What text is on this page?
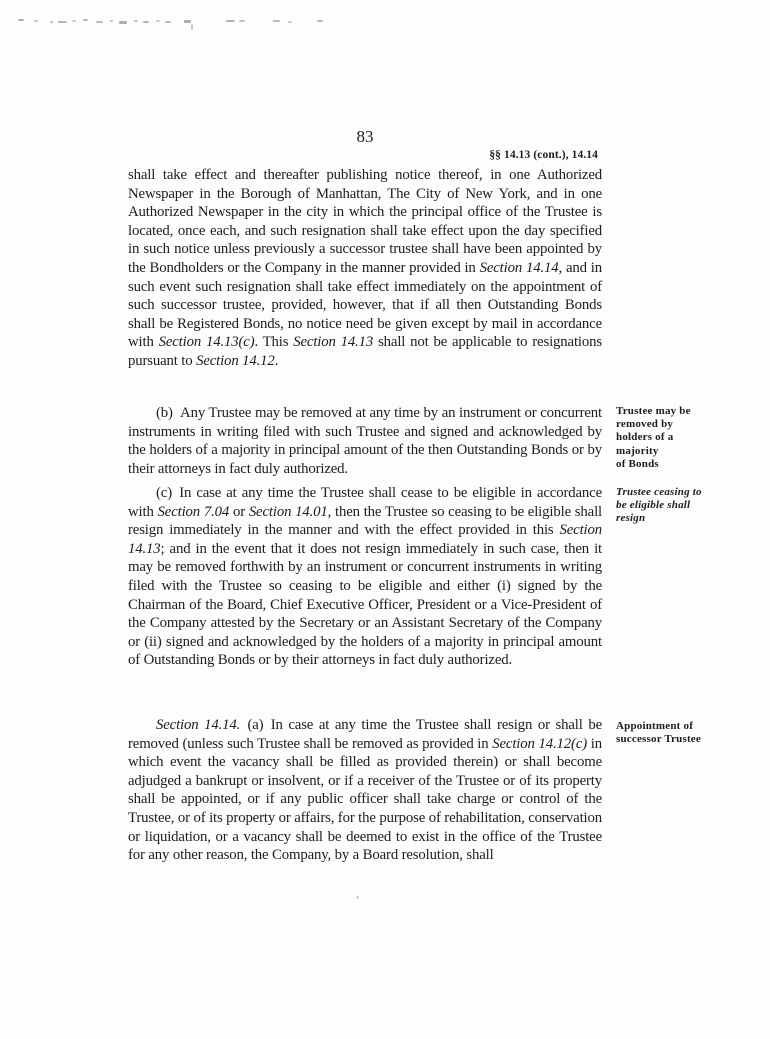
83
§§ 14.13 (cont.), 14.14

shall take effect and thereafter publishing notice thereof, in one Authorized Newspaper in the Borough of Manhattan, The City of New York, and in one Authorized Newspaper in the city in which the principal office of the Trustee is located, once each, and such resignation shall take effect upon the day specified in such notice unless previously a successor trustee shall have been appointed by the Bondholders or the Company in the manner provided in Section 14.14, and in such event such resignation shall take effect immediately on the appointment of such successor trustee, provided, however, that if all then Outstanding Bonds shall be Registered Bonds, no notice need be given except by mail in accordance with Section 14.13(c). This Section 14.13 shall not be applicable to resignations pursuant to Section 14.12.

(b) Any Trustee may be removed at any time by an instrument or concurrent instruments in writing filed with such Trustee and signed and acknowledged by the holders of a majority in principal amount of the then Outstanding Bonds or by their attorneys in fact duly authorized.

(c) In case at any time the Trustee shall cease to be eligible in accordance with Section 7.04 or Section 14.01, then the Trustee so ceasing to be eligible shall resign immediately in the manner and with the effect provided in this Section 14.13; and in the event that it does not resign immediately in such case, then it may be removed forthwith by an instrument or concurrent instruments in writing filed with the Trustee so ceasing to be eligible and either (i) signed by the Chairman of the Board, Chief Executive Officer, President or a Vice-President of the Company attested by the Secretary or an Assistant Secretary of the Company or (ii) signed and acknowledged by the holders of a majority in principal amount of Outstanding Bonds or by their attorneys in fact duly authorized.

Section 14.14. (a) In case at any time the Trustee shall resign or shall be removed (unless such Trustee shall be removed as provided in Section 14.12(c) in which event the vacancy shall be filled as provided therein) or shall become adjudged a bankrupt or insolvent, or if a receiver of the Trustee or of its property shall be appointed, or if any public officer shall take charge or control of the Trustee, or of its property or affairs, for the purpose of rehabilitation, conservation or liquidation, or a vacancy shall be deemed to exist in the office of the Trustee for any other reason, the Company, by a Board resolution, shall

Trustee may be
removed by
holders of a
majority
of Bonds
Trustee ceasing to
be eligible shall
resign
Appointment of
successor Trustee
